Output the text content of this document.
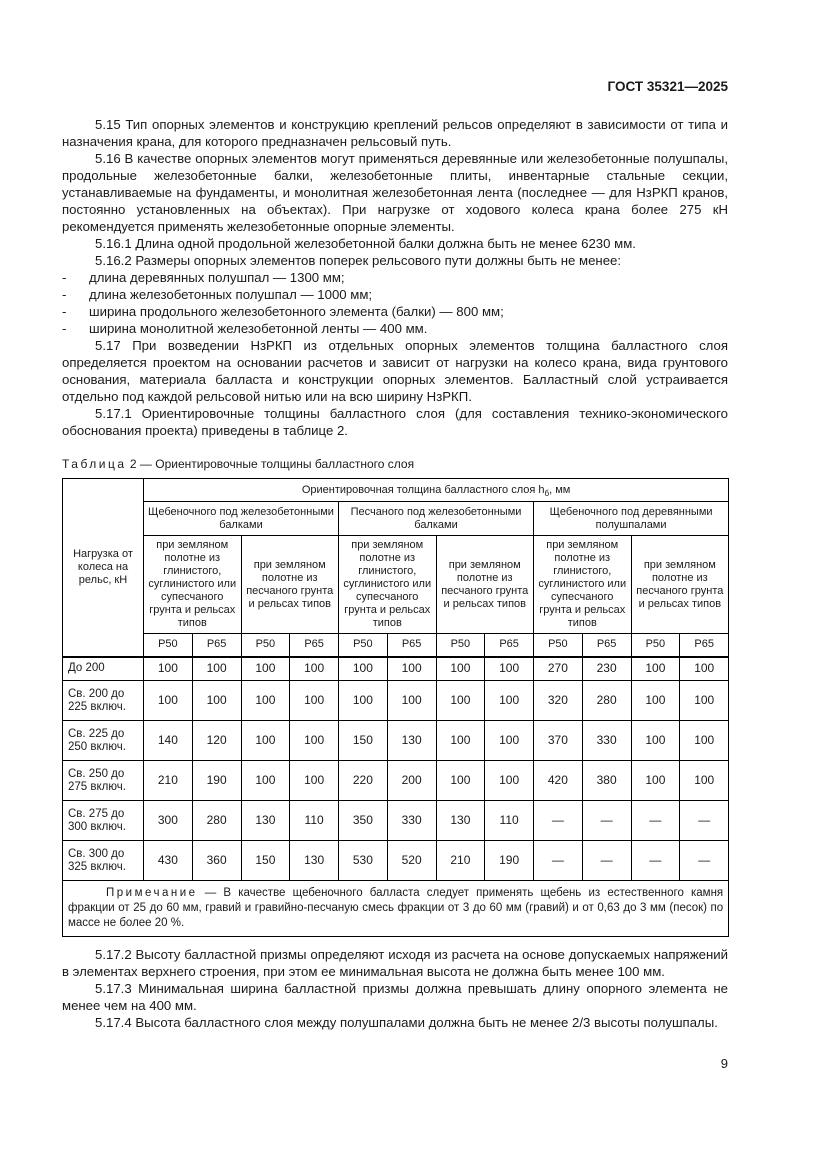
ГОСТ 35321—2025

5.15 Тип опорных элементов и конструкцию креплений рельсов определяют в зависимости от типа и назначения крана, для которого предназначен рельсовый путь.

5.16 В качестве опорных элементов могут применяться деревянные или железобетонные полушпалы, продольные железобетонные балки, железобетонные плиты, инвентарные стальные секции, устанавливаемые на фундаменты, и монолитная железобетонная лента (последнее — для НзРКП кранов, постоянно установленных на объектах). При нагрузке от ходового колеса крана более 275 кН рекомендуется применять железобетонные опорные элементы.

5.16.1 Длина одной продольной железобетонной балки должна быть не менее 6230 мм.

5.16.2 Размеры опорных элементов поперек рельсового пути должны быть не менее:

- длина деревянных полушпал — 1300 мм;

- длина железобетонных полушпал — 1000 мм;

- ширина продольного железобетонного элемента (балки) — 800 мм;

- ширина монолитной железобетонной ленты — 400 мм.

5.17 При возведении НзРКП из отдельных опорных элементов толщина балластного слоя определяется проектом на основании расчетов и зависит от нагрузки на колесо крана, вида грунтового основания, материала балласта и конструкции опорных элементов. Балластный слой устраивается отдельно под каждой рельсовой нитью или на всю ширину НзРКП.

5.17.1 Ориентировочные толщины балластного слоя (для составления технико-экономического обоснования проекта) приведены в таблице 2.

Таблица 2 — Ориентировочные толщины балластного слоя
Нагрузка от колеса на рельс, кН	Ориентировочная толщина балластного слоя $h_б$, мм											
	Щебеночного под железобетонными балками				Песчаного под железобетонными балками				Щебеночного под деревянными полушпалами			
	при земляном полотне из глинистого, суглинистого или супесчаного грунта и рельсах типов		при земляном полотне из песчаного грунта и рельсах типов		при земляном полотне из глинистого, суглинистого или супесчаного грунта и рельсах типов		при земляном полотне из песчаного грунта и рельсах типов		при земляном полотне из глинистого, суглинистого или супесчаного грунта и рельсах типов		при земляном полотне из песчаного грунта и рельсах типов	
	Р50	Р65	Р50	Р65	Р50	Р65	Р50	Р65	Р50	Р65	Р50	Р65
До 200	100	100	100	100	100	100	100	100	270	230	100	100
Св. 200 до 225 включ.	100	100	100	100	100	100	100	100	320	280	100	100
Св. 225 до 250 включ.	140	120	100	100	150	130	100	100	370	330	100	100
Св. 250 до 275 включ.	210	190	100	100	220	200	100	100	420	380	100	100
Св. 275 до 300 включ.	300	280	130	110	350	330	130	110	—	—	—	—
Св. 300 до 325 включ.	430	360	150	130	530	520	210	190	—	—	—	—
Примечание — В качестве щебеночного балласта следует применять щебень из естественного камня фракции от 25 до 60 мм, гравий и гравийно-песчаную смесь фракции от 3 до 60 мм (гравий) и от 0,63 до 3 мм (песок) по массе не более 20 %.												

5.17.2 Высоту балластной призмы определяют исходя из расчета на основе допускаемых напряжений в элементах верхнего строения, при этом ее минимальная высота не должна быть менее 100 мм.

5.17.3 Минимальная ширина балластной призмы должна превышать длину опорного элемента не менее чем на 400 мм.

5.17.4 Высота балластного слоя между полушпалами должна быть не менее 2/3 высоты полушпалы.

9
